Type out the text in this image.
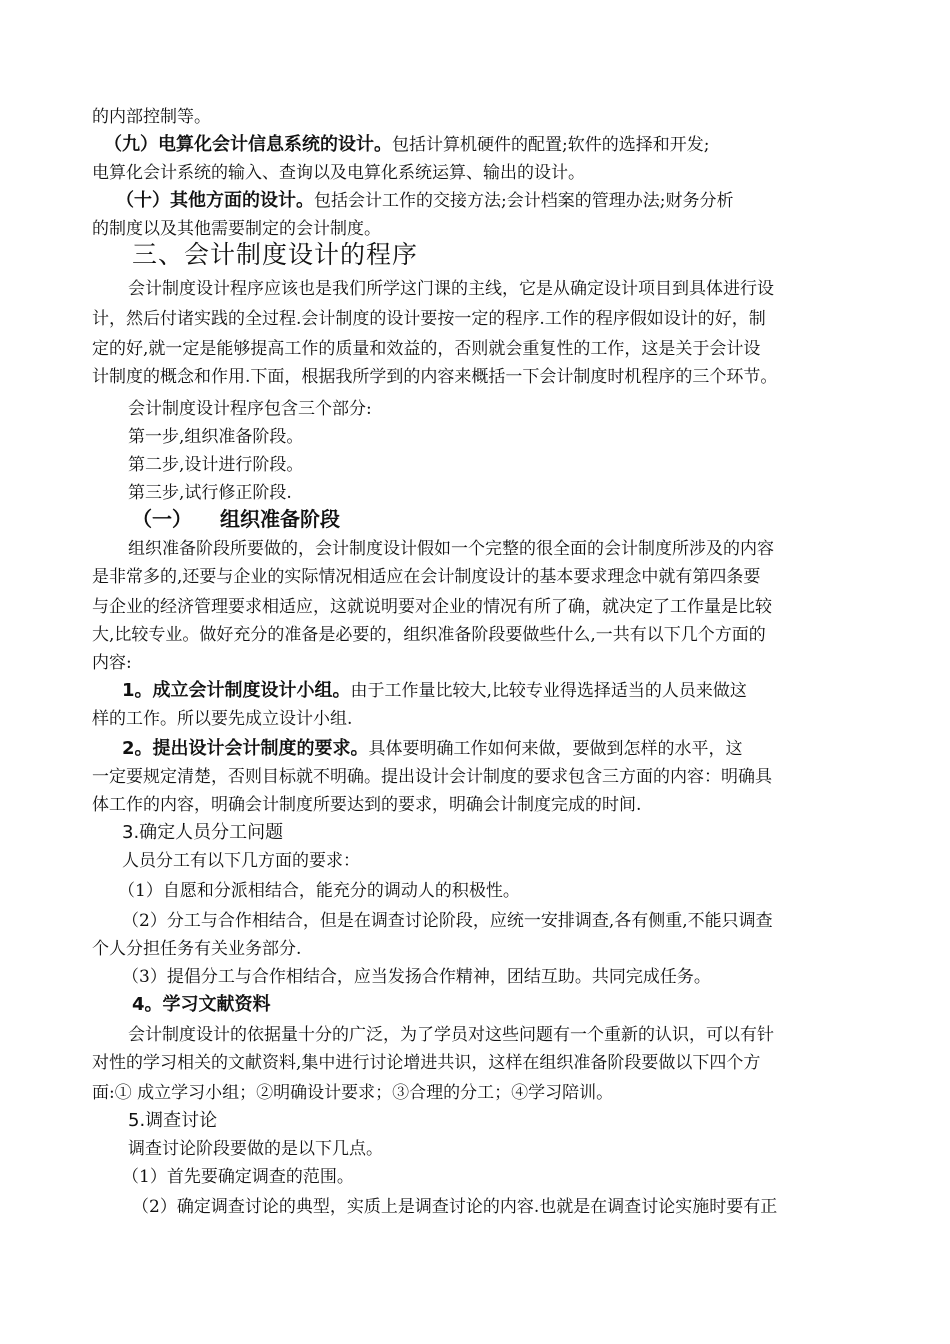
的内部控制等。
（九）电算化会计信息系统的设计。包括计算机硬件的配置;软件的选择和开发;
电算化会计系统的输入、查询以及电算化系统运算、输出的设计。
（十）其他方面的设计。包括会计工作的交接方法;会计档案的管理办法;财务分析
的制度以及其他需要制定的会计制度。
三、会计制度设计的程序
会计制度设计程序应该也是我们所学这门课的主线，它是从确定设计项目到具体进行设
计，然后付诸实践的全过程.会计制度的设计要按一定的程序.工作的程序假如设计的好，制
定的好,就一定是能够提高工作的质量和效益的，否则就会重复性的工作，这是关于会计设
计制度的概念和作用.下面，根据我所学到的内容来概括一下会计制度时机程序的三个环节。
会计制度设计程序包含三个部分:
第一步,组织准备阶段。
第二步,设计进行阶段。
第三步,试行修正阶段.
（一） 组织准备阶段
组织准备阶段所要做的，会计制度设计假如一个完整的很全面的会计制度所涉及的内容
是非常多的,还要与企业的实际情况相适应在会计制度设计的基本要求理念中就有第四条要
与企业的经济管理要求相适应，这就说明要对企业的情况有所了确，就决定了工作量是比较
大,比较专业。做好充分的准备是必要的，组织准备阶段要做些什么,一共有以下几个方面的
内容:
1。成立会计制度设计小组。由于工作量比较大,比较专业得选择适当的人员来做这
样的工作。所以要先成立设计小组.
2。提出设计会计制度的要求。具体要明确工作如何来做，要做到怎样的水平，这
一定要规定清楚，否则目标就不明确。提出设计会计制度的要求包含三方面的内容：明确具
体工作的内容，明确会计制度所要达到的要求，明确会计制度完成的时间.
3.确定人员分工问题
人员分工有以下几方面的要求：
（1）自愿和分派相结合，能充分的调动人的积极性。
（2）分工与合作相结合，但是在调查讨论阶段，应统一安排调查,各有侧重,不能只调查
个人分担任务有关业务部分.
（3）提倡分工与合作相结合，应当发扬合作精神，团结互助。共同完成任务。
4。学习文献资料
会计制度设计的依据量十分的广泛，为了学员对这些问题有一个重新的认识，可以有针
对性的学习相关的文献资料,集中进行讨论增进共识，这样在组织准备阶段要做以下四个方
面:① 成立学习小组；②明确设计要求；③合理的分工；④学习陪训。
5.调查讨论
调查讨论阶段要做的是以下几点。
（1）首先要确定调查的范围。
（2）确定调查讨论的典型，实质上是调查讨论的内容.也就是在调查讨论实施时要有正
